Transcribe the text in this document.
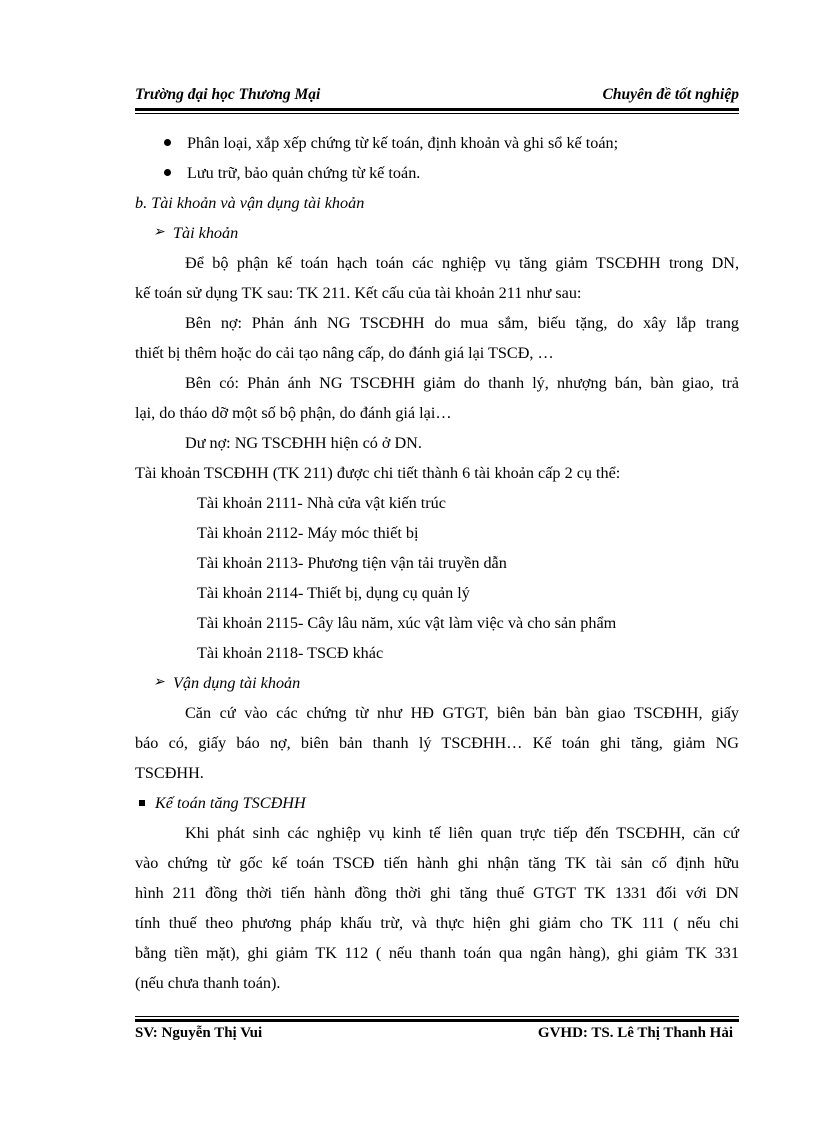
Trường đại học Thương Mại	Chuyên đề tốt nghiệp
Phân loại, xắp xếp chứng từ kế toán, định khoản và ghi sổ kế toán;
Lưu trữ, bảo quản chứng từ kế toán.
b. Tài khoản và vận dụng tài khoản
➢ Tài khoản
Để bộ phận kế toán hạch toán các nghiệp vụ tăng giảm TSCĐHH trong DN,
kế toán sử dụng TK sau: TK 211. Kết cấu của tài khoản 211 như sau:
Bên nợ: Phản ánh NG TSCĐHH do mua sắm, biếu tặng, do xây lắp trang
thiết bị thêm hoặc do cải tạo nâng cấp, do đánh giá lại TSCĐ, …
Bên có: Phản ánh NG TSCĐHH giảm do thanh lý, nhượng bán, bàn giao, trả
lại, do tháo dỡ một số bộ phận, do đánh giá lại…
Dư nợ: NG TSCĐHH hiện có ở DN.
Tài khoản TSCĐHH (TK 211) được chi tiết thành 6 tài khoản cấp 2 cụ thể:
Tài khoản 2111- Nhà cửa vật kiến trúc
Tài khoản 2112- Máy móc thiết bị
Tài khoản 2113- Phương tiện vận tải truyền dẫn
Tài khoản 2114- Thiết bị, dụng cụ quản lý
Tài khoản 2115- Cây lâu năm, xúc vật làm việc và cho sản phẩm
Tài khoản 2118- TSCĐ khác
➢ Vận dụng tài khoản
Căn cứ vào các chứng từ như HĐ GTGT, biên bản bàn giao TSCĐHH, giấy
báo có, giấy báo nợ, biên bản thanh lý TSCĐHH… Kế toán ghi tăng, giảm NG
TSCĐHH.
Kế toán tăng TSCĐHH
Khi phát sinh các nghiệp vụ kinh tế liên quan trực tiếp đến TSCĐHH, căn cứ
vào chứng từ gốc kế toán TSCĐ tiến hành ghi nhận tăng TK tài sản cố định hữu
hình 211 đồng thời tiến hành đồng thời ghi tăng thuế GTGT TK 1331 đối với DN
tính thuế theo phương pháp khấu trừ, và thực hiện ghi giảm cho TK 111 ( nếu chi
bằng tiền mặt), ghi giảm TK 112 ( nếu thanh toán qua ngân hàng), ghi giảm TK 331
(nếu chưa thanh toán).
SV: Nguyễn Thị Vui	GVHD: TS. Lê Thị Thanh Hải
